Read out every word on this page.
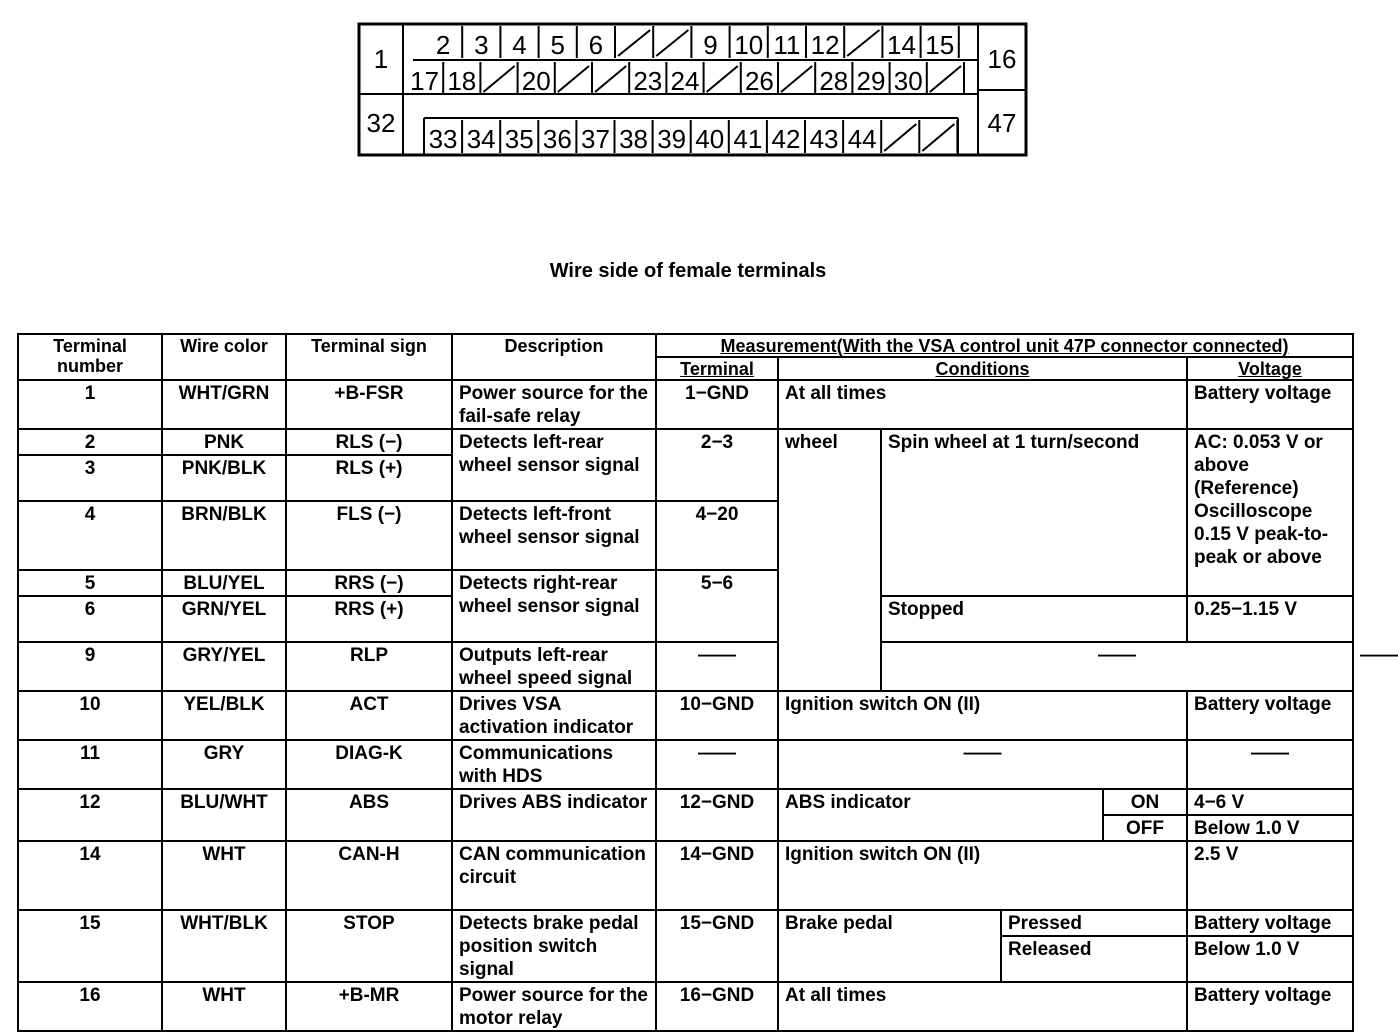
2 3 4 5 6	9 10 11 12 14 15
17 18 20	23 24 26 28 29 30
33 34 35 36 37 38 39 40 41 42 43 44
1
32
16
47
Wire side of female terminals
Terminal number	Wire color	Terminal sign	Description	Measurement(With the VSA control unit 47P connector connected)						
				Terminal	Conditions				Voltage	
1	WHT/GRN	+B-FSR	Power source for the fail-safe relay	1−GND	At all times				Battery voltage	
2	PNK	RLS (−)	Detects left-rear wheel sensor signal	2−3	wheel	Spin wheel at 1 turn/second			AC: 0.053 V or above (Reference) Oscilloscope 0.15 V peak-to-peak or above	
3	PNK/BLK	RLS (+)								
4	BRN/BLK	FLS (−)	Detects left-front wheel sensor signal	4−20						
5	BLU/YEL	RRS (−)	Detects right-rear wheel sensor signal	5−6						
6	GRN/YEL	RRS (+)				Stopped			0.25−1.15 V	
9	GRY/YEL	RLP	Outputs left-rear wheel speed signal	——		——				——
10	YEL/BLK	ACT	Drives VSA activation indicator	10−GND	Ignition switch ON (II)				Battery voltage	
11	GRY	DIAG-K	Communications with HDS	——	——				——	
12	BLU/WHT	ABS	Drives ABS indicator	12−GND	ABS indicator			ON	4−6 V	
								OFF	Below 1.0 V	
14	WHT	CAN-H	CAN communication circuit	14−GND	Ignition switch ON (II)				2.5 V	
15	WHT/BLK	STOP	Detects brake pedal position switch signal	15−GND	Brake pedal		Pressed		Battery voltage	
							Released		Below 1.0 V	
16	WHT	+B-MR	Power source for the motor relay	16−GND	At all times				Battery voltage	
